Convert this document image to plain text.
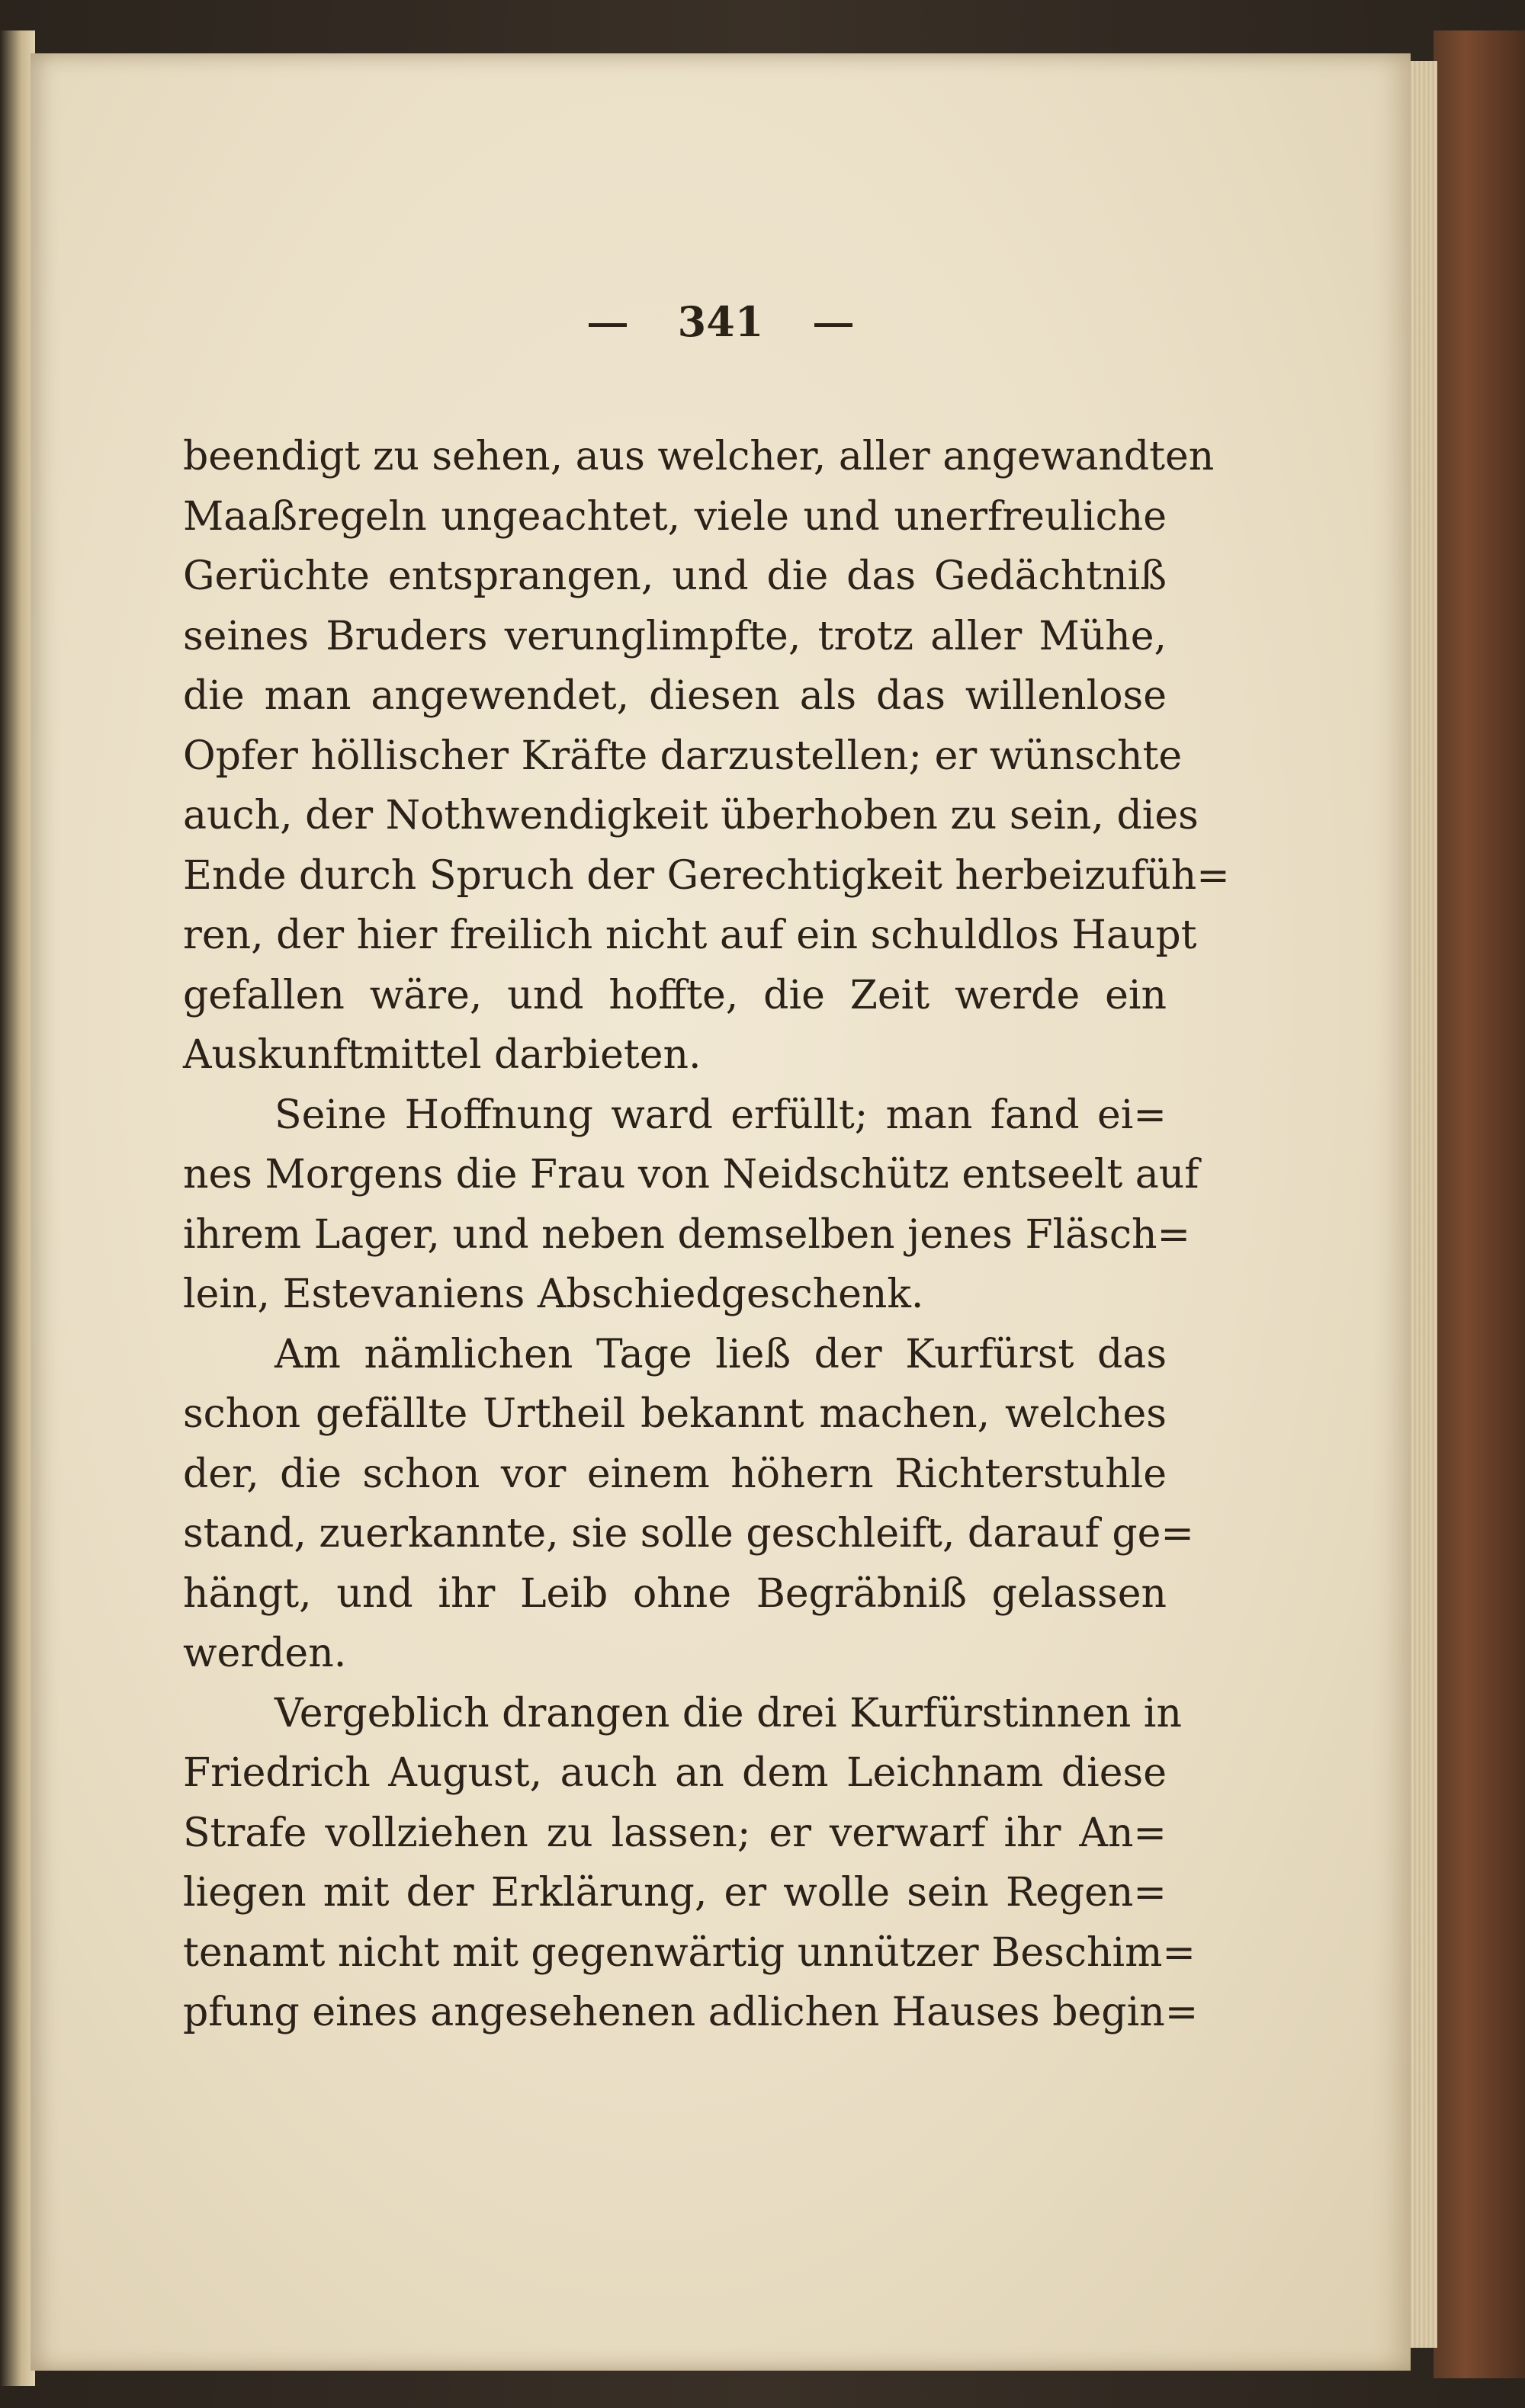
341
beendigt zu sehen, aus welcher, aller angewandten
Maaßregeln ungeachtet, viele und unerfreuliche
Gerüchte entsprangen, und die das Gedächtniß
seines Bruders verunglimpfte, trotz aller Mühe,
die man angewendet, diesen als das willenlose
Opfer höllischer Kräfte darzustellen; er wünschte
auch, der Nothwendigkeit überhoben zu sein, dies
Ende durch Spruch der Gerechtigkeit herbeizufüh=
ren, der hier freilich nicht auf ein schuldlos Haupt
gefallen wäre, und hoffte, die Zeit werde ein
Auskunftmittel darbieten.
Seine Hoffnung ward erfüllt; man fand ei=
nes Morgens die Frau von Neidschütz entseelt auf
ihrem Lager, und neben demselben jenes Fläsch=
lein, Estevaniens Abschiedgeschenk.
Am nämlichen Tage ließ der Kurfürst das
schon gefällte Urtheil bekannt machen, welches
der, die schon vor einem höhern Richterstuhle
stand, zuerkannte, sie solle geschleift, darauf ge=
hängt, und ihr Leib ohne Begräbniß gelassen
werden.
Vergeblich drangen die drei Kurfürstinnen in
Friedrich August, auch an dem Leichnam diese
Strafe vollziehen zu lassen; er verwarf ihr An=
liegen mit der Erklärung, er wolle sein Regen=
tenamt nicht mit gegenwärtig unnützer Beschim=
pfung eines angesehenen adlichen Hauses begin=
